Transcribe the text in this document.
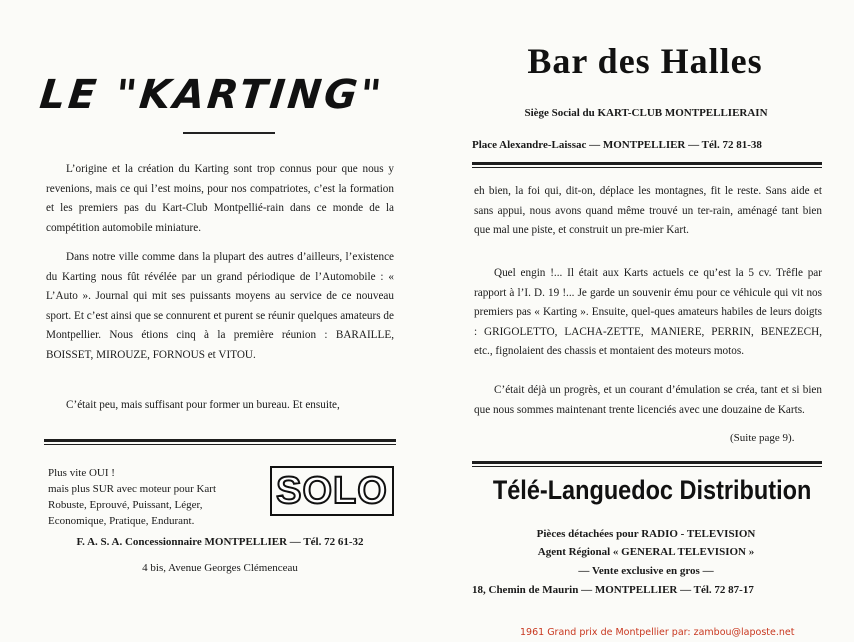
LE "KARTING"
L’origine et la création du Karting sont trop connus pour que nous y revenions, mais ce qui l’est moins, pour nos compatriotes, c’est la formation et les premiers pas du Kart-Club Montpellié-rain dans ce monde de la compétition automobile miniature.
Dans notre ville comme dans la plupart des autres d’ailleurs, l’existence du Karting nous fût révélée par un grand périodique de l’Automobile : « L’Auto ». Journal qui mit ses puissants moyens au service de ce nouveau sport. Et c’est ainsi que se connurent et purent se réunir quelques amateurs de Montpellier. Nous étions cinq à la première réunion : BARAILLE, BOISSET, MIROUZE, FORNOUS et VITOU.
C’était peu, mais suffisant pour former un bureau. Et ensuite,
Plus vite OUI !
mais plus SUR avec moteur pour Kart
Robuste, Eprouvé, Puissant, Léger,
Economique, Pratique, Endurant.
SOLO
F. A. S. A. Concessionnaire MONTPELLIER — Tél. 72 61-32
4 bis, Avenue Georges Clémenceau
Bar des Halles
Siège Social du KART-CLUB MONTPELLIERAIN
Place Alexandre-Laissac — MONTPELLIER — Tél. 72 81-38
eh bien, la foi qui, dit-on, déplace les montagnes, fit le reste. Sans aide et sans appui, nous avons quand même trouvé un ter-rain, aménagé tant bien que mal une piste, et construit un pre-mier Kart.
Quel engin !... Il était aux Karts actuels ce qu’est la 5 cv. Trêfle par rapport à l’I. D. 19 !... Je garde un souvenir ému pour ce véhicule qui vit nos premiers pas « Karting ». Ensuite, quel-ques amateurs habiles de leurs doigts : GRIGOLETTO, LACHA-ZETTE, MANIERE, PERRIN, BENEZECH, etc., fignolaient des chassis et montaient des moteurs motos.
C’était déjà un progrès, et un courant d’émulation se créa, tant et si bien que nous sommes maintenant trente licenciés avec une douzaine de Karts.
(Suite page 9).
Télé-Languedoc Distribution
Pièces détachées pour RADIO - TELEVISION
Agent Régional « GENERAL TELEVISION »
— Vente exclusive en gros —
18, Chemin de Maurin — MONTPELLIER — Tél. 72 87-17
1961 Grand prix de Montpellier par: zambou@laposte.net
